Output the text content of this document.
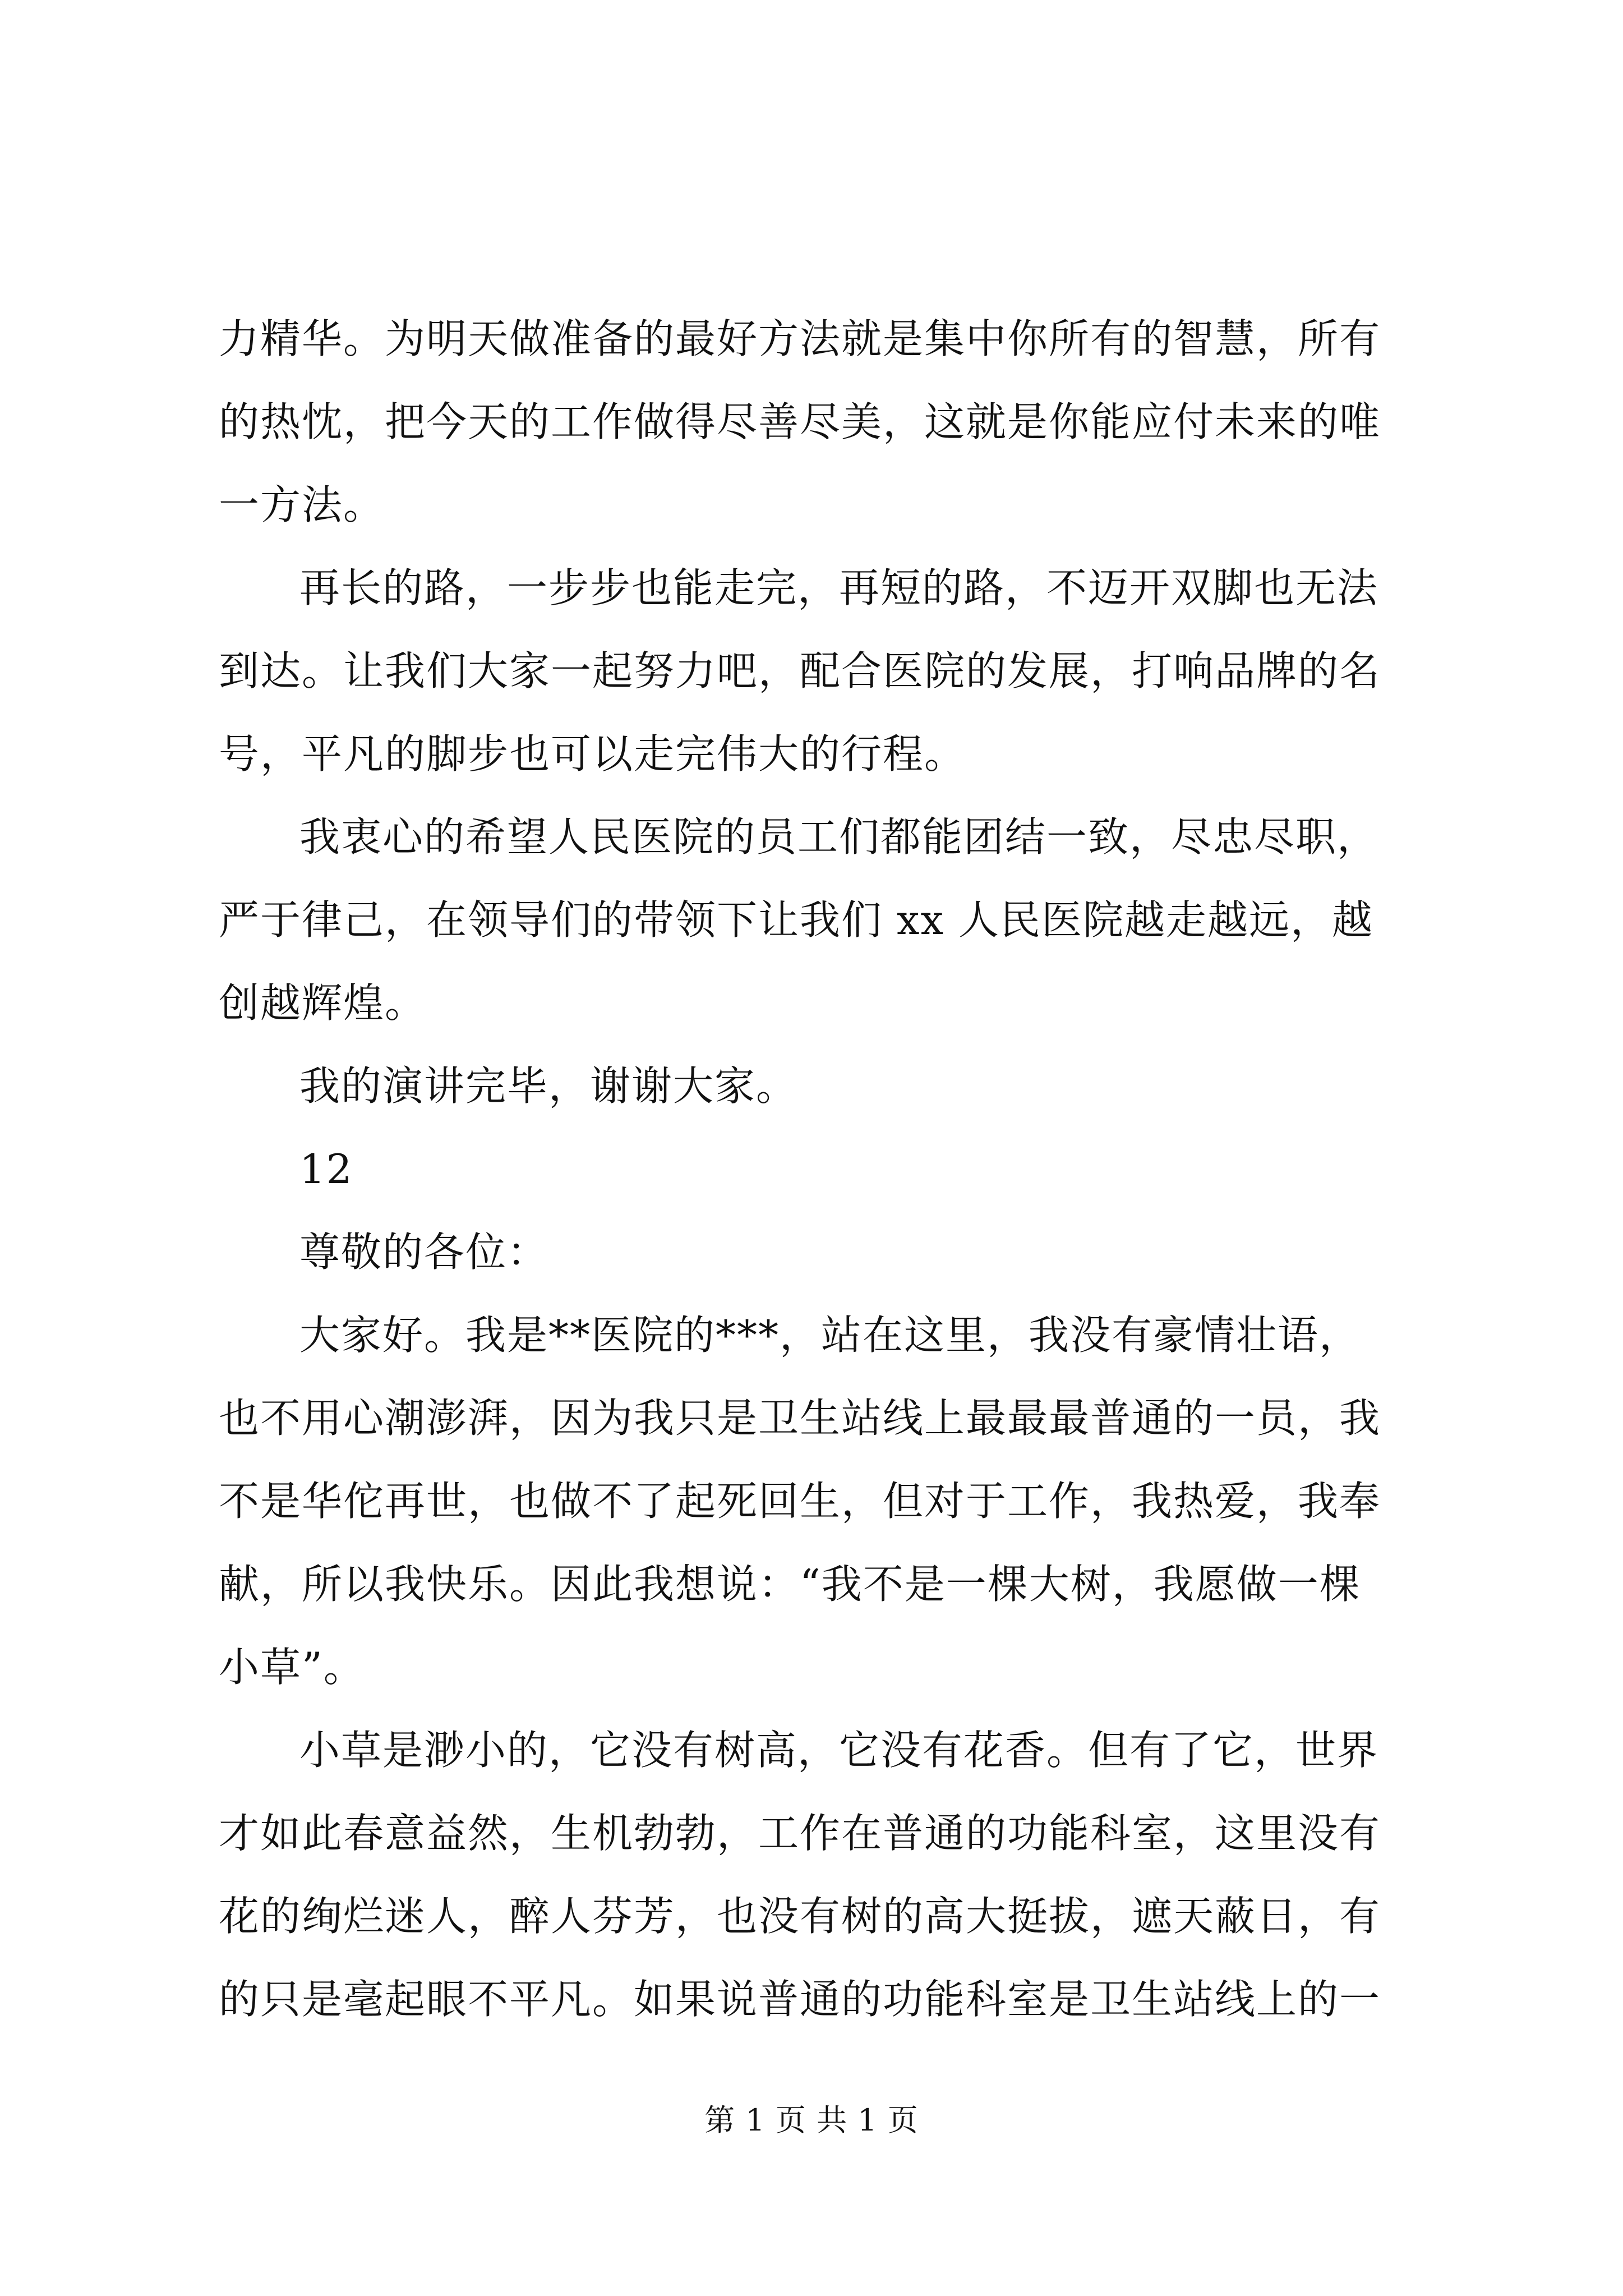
力精华。为明天做准备的最好方法就是集中你所有的智慧，所有
的热忱，把今天的工作做得尽善尽美，这就是你能应付未来的唯
一方法。
再长的路，一步步也能走完，再短的路，不迈开双脚也无法
到达。让我们大家一起努力吧，配合医院的发展，打响品牌的名
号，平凡的脚步也可以走完伟大的行程。
我衷心的希望人民医院的员工们都能团结一致，尽忠尽职，
严于律己，在领导们的带领下让我们 xx 人民医院越走越远，越
创越辉煌。
我的演讲完毕，谢谢大家。
12
尊敬的各位：
大家好。我是**医院的***，站在这里，我没有豪情壮语，
也不用心潮澎湃，因为我只是卫生站线上最最最普通的一员，我
不是华佗再世，也做不了起死回生，但对于工作，我热爱，我奉
献，所以我快乐。因此我想说：“我不是一棵大树，我愿做一棵
小草”。
小草是渺小的，它没有树高，它没有花香。但有了它，世界
才如此春意益然，生机勃勃，工作在普通的功能科室，这里没有
花的绚烂迷人，醉人芬芳，也没有树的高大挺拔，遮天蔽日，有
的只是毫起眼不平凡。如果说普通的功能科室是卫生站线上的一
第 1 页 共 1 页
